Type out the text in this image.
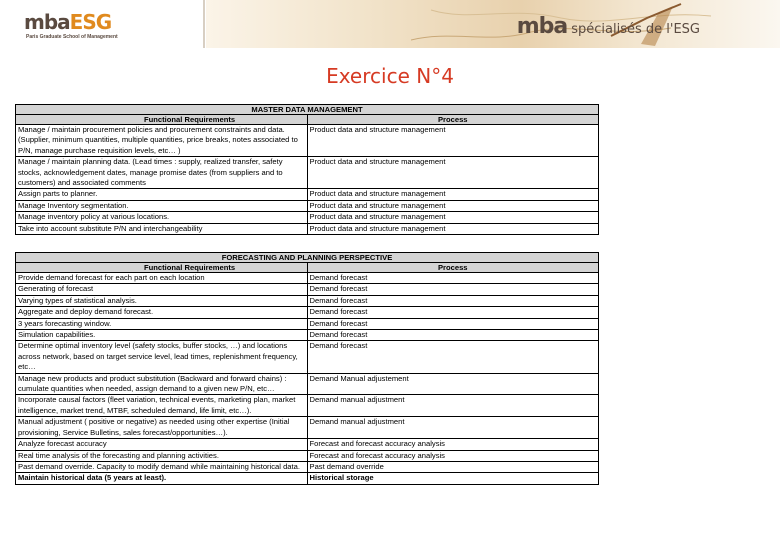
mbaESG
Paris Graduate School of Management	mba spécialisés de l'ESG
Exercice N°4
MASTER DATA MANAGEMENT	
Functional Requirements	Process
Manage / maintain procurement policies and procurement constraints and data. (Supplier, minimum quantities, multiple quantities, price breaks, notes associated to P/N, manage purchase requisition levels, etc… )	Product data and structure management
Manage / maintain planning data. (Lead times : supply, realized transfer, safety stocks, acknowledgement dates, manage promise dates (from suppliers and to customers) and associated comments	Product data and structure management
Assign parts to planner.	Product data and structure management
Manage Inventory segmentation.	Product data and structure management
Manage inventory policy at various locations.	Product data and structure management
Take into account substitute P/N and interchangeability	Product data and structure management
FORECASTING AND PLANNING PERSPECTIVE	
Functional Requirements	Process
Provide demand forecast for each part on each location	Demand forecast
Generating of forecast	Demand forecast
Varying types of statistical analysis.	Demand forecast
Aggregate and deploy demand forecast.	Demand forecast
3 years forecasting window.	Demand forecast
Simulation capabilities.	Demand forecast
Determine optimal inventory level (safety stocks, buffer stocks, …) and locations across network, based on target service level, lead times, replenishment frequency, etc…	Demand forecast
Manage new products and product substitution (Backward and forward chains) : cumulate quantities when needed, assign demand to a given new P/N, etc…	Demand Manual adjustement
Incorporate causal factors (fleet variation, technical events, marketing plan, market intelligence, market trend, MTBF, scheduled demand, life limit, etc…).	Demand manual adjustment
Manual adjustment ( positive or negative) as needed using other expertise (Initial provisioning, Service Bulletins, sales forecast/opportunities…).	Demand manual adjustment
Analyze forecast accuracy	Forecast and forecast accuracy analysis
Real time analysis of the forecasting and planning activities.	Forecast and forecast accuracy analysis
Past demand override. Capacity to modify demand while maintaining historical data.	Past demand override
Maintain historical data (5 years at least).	Historical storage
